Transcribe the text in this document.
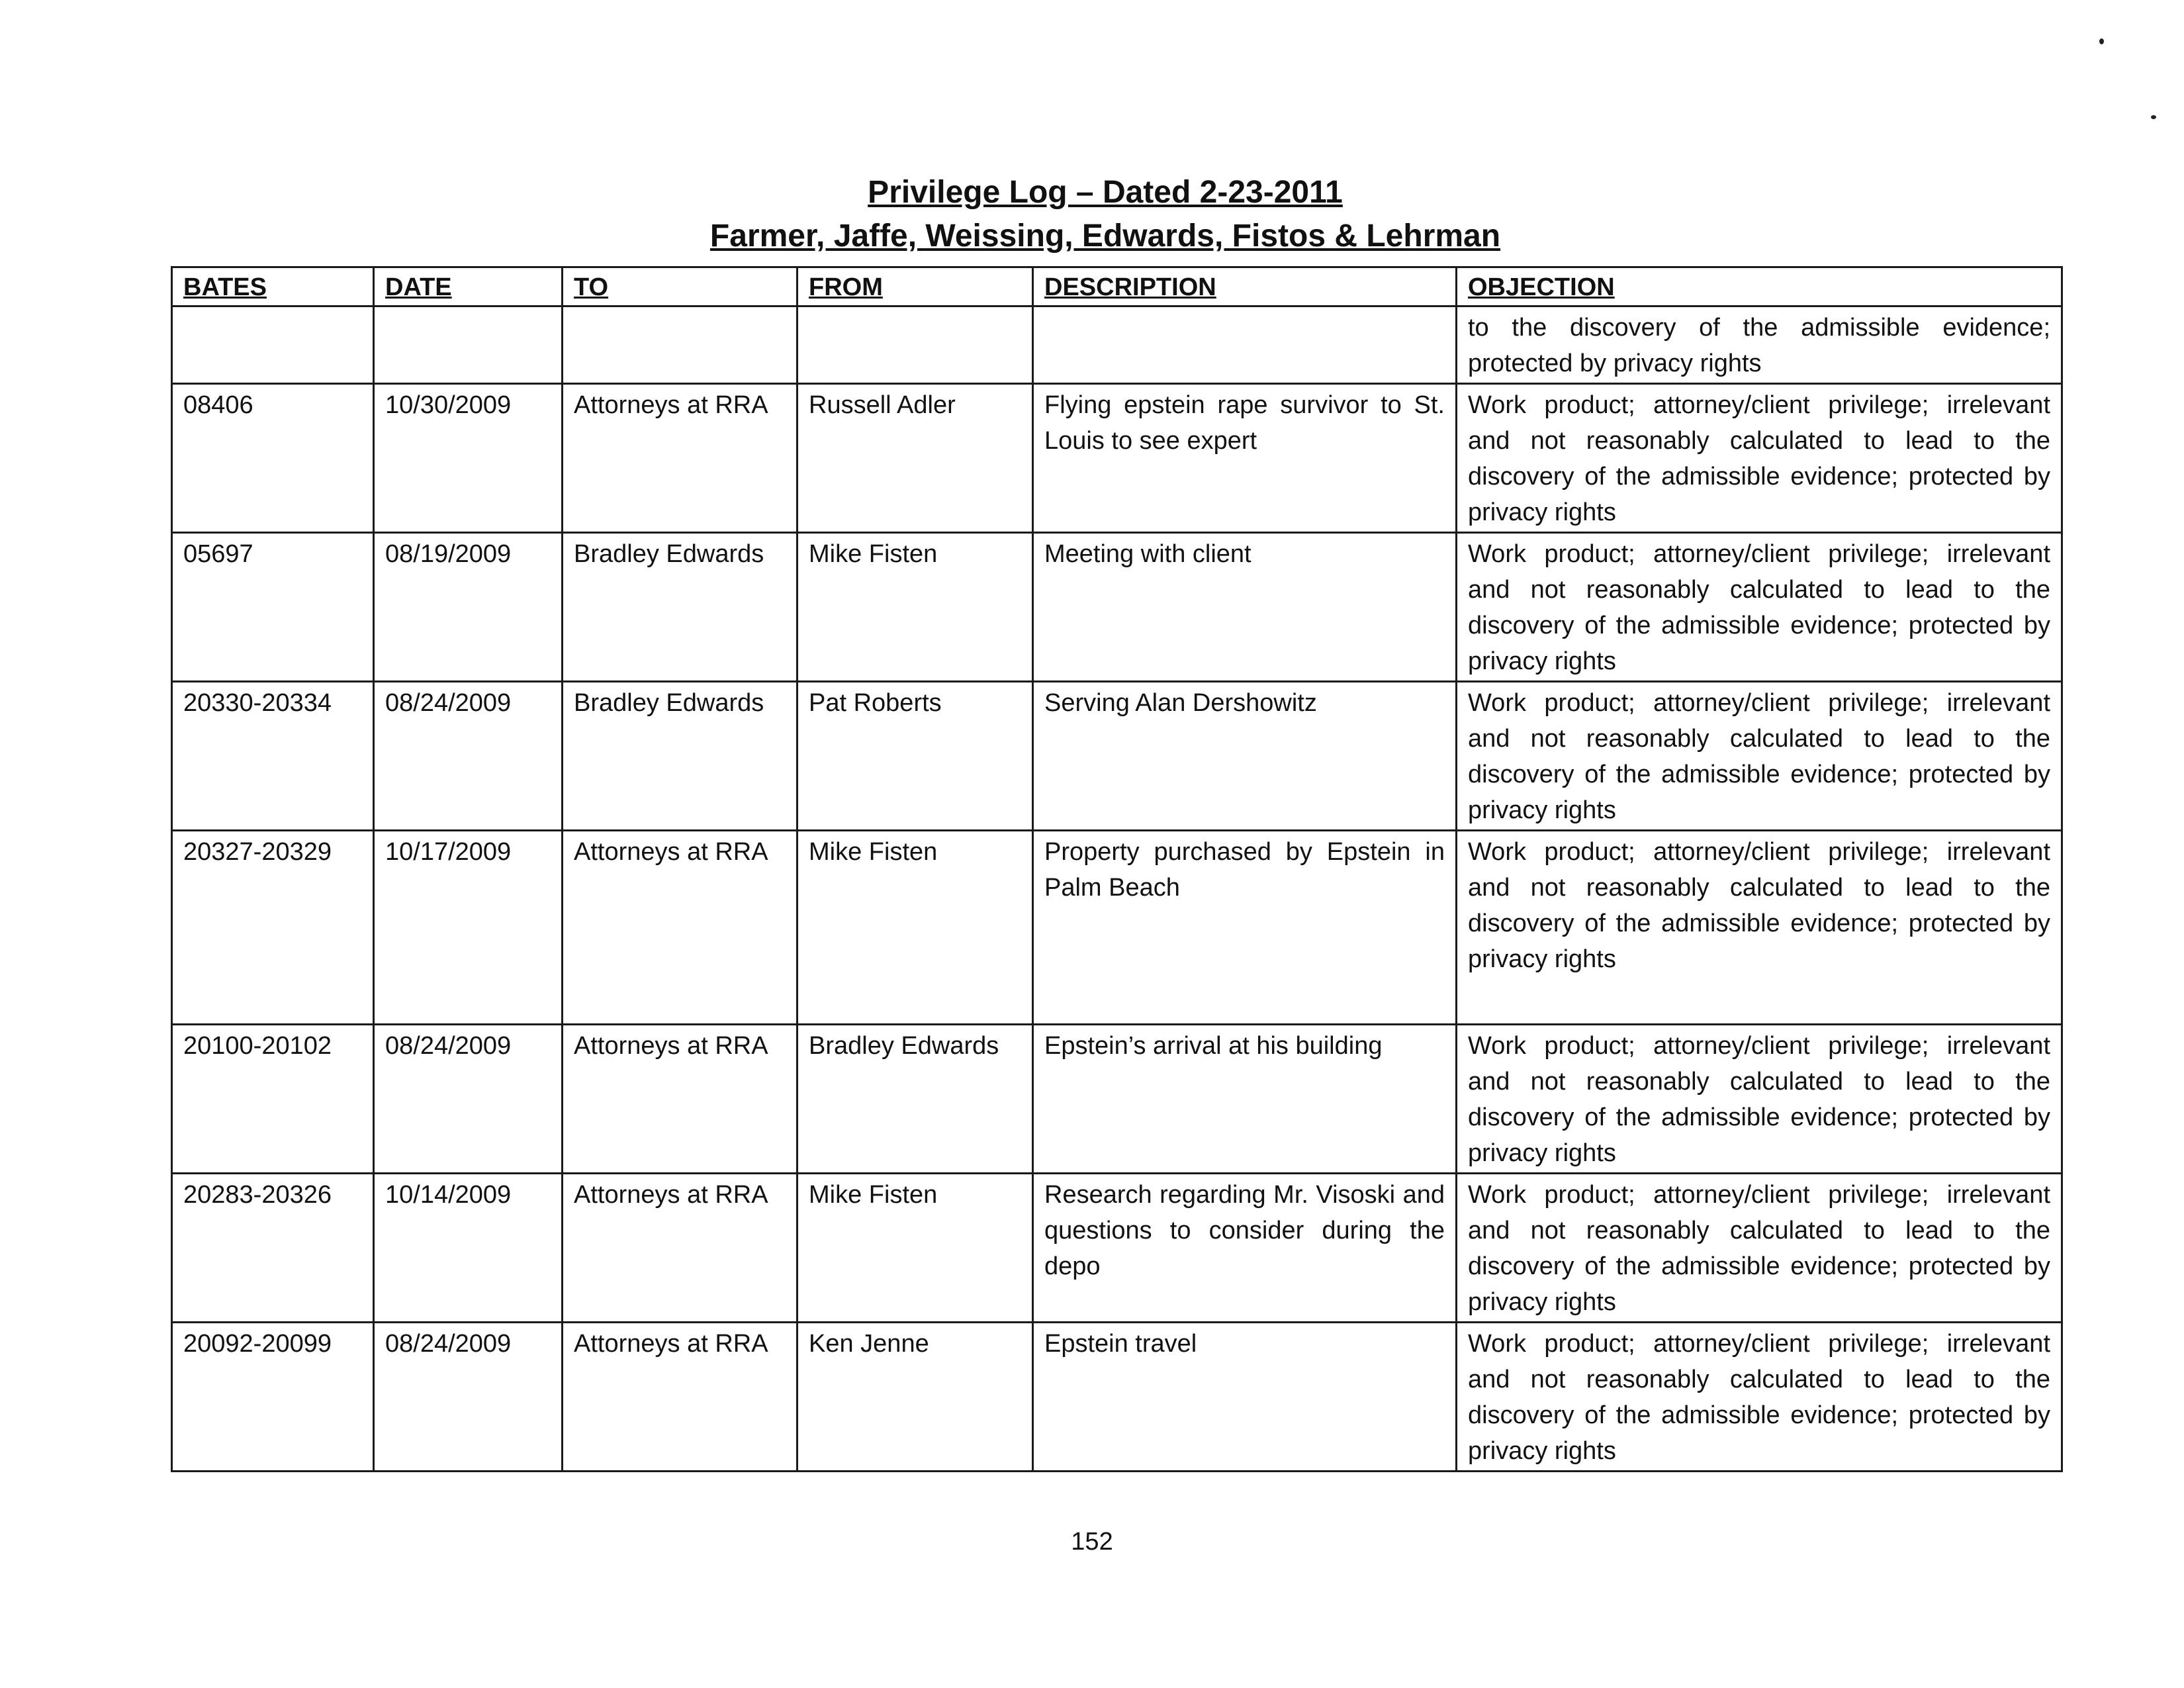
Privilege Log – Dated 2-23-2011
Farmer, Jaffe, Weissing, Edwards, Fistos & Lehrman
BATES	DATE	TO	FROM	DESCRIPTION	OBJECTION
					to the discovery of the admissible evidence; protected by privacy rights
08406	10/30/2009	Attorneys at RRA	Russell Adler	Flying epstein rape survivor to St. Louis to see expert	Work product; attorney/client privilege; irrelevant and not reasonably calculated to lead to the discovery of the admissible evidence; protected by privacy rights
05697	08/19/2009	Bradley Edwards	Mike Fisten	Meeting with client	Work product; attorney/client privilege; irrelevant and not reasonably calculated to lead to the discovery of the admissible evidence; protected by privacy rights
20330-20334	08/24/2009	Bradley Edwards	Pat Roberts	Serving Alan Dershowitz	Work product; attorney/client privilege; irrelevant and not reasonably calculated to lead to the discovery of the admissible evidence; protected by privacy rights
20327-20329	10/17/2009	Attorneys at RRA	Mike Fisten	Property purchased by Epstein in Palm Beach	Work product; attorney/client privilege; irrelevant and not reasonably calculated to lead to the discovery of the admissible evidence; protected by privacy rights
20100-20102	08/24/2009	Attorneys at RRA	Bradley Edwards	Epstein’s arrival at his building	Work product; attorney/client privilege; irrelevant and not reasonably calculated to lead to the discovery of the admissible evidence; protected by privacy rights
20283-20326	10/14/2009	Attorneys at RRA	Mike Fisten	Research regarding Mr. Visoski and questions to consider during the depo	Work product; attorney/client privilege; irrelevant and not reasonably calculated to lead to the discovery of the admissible evidence; protected by privacy rights
20092-20099	08/24/2009	Attorneys at RRA	Ken Jenne	Epstein travel	Work product; attorney/client privilege; irrelevant and not reasonably calculated to lead to the discovery of the admissible evidence; protected by privacy rights
152
